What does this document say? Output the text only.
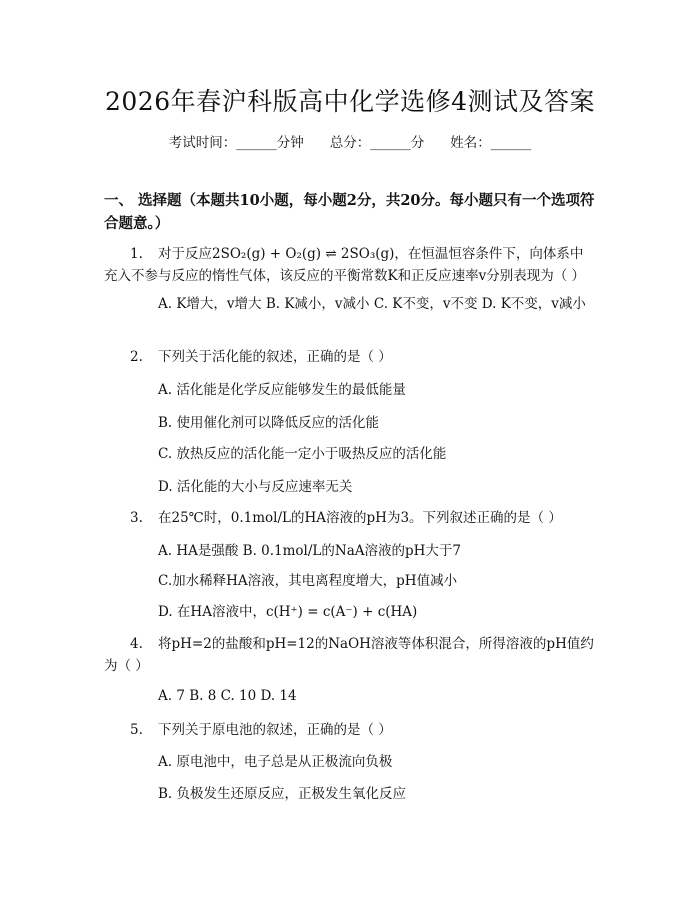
2026年春沪科版高中化学选修4测试及答案
考试时间：______分钟 总分：______分 姓名：______
一、 选择题（本题共10小题，每小题2分，共20分。每小题只有一个选项符合题意。）
1. 对于反应2SO₂(g) + O₂(g) ⇌ 2SO₃(g)，在恒温恒容条件下，向体系中充入不参与反应的惰性气体，该反应的平衡常数K和正反应速率v分别表现为（ ）
A. K增大，v增大 B. K减小，v减小 C. K不变，v不变 D. K不变，v减小
2. 下列关于活化能的叙述，正确的是（ ）
A. 活化能是化学反应能够发生的最低能量
B. 使用催化剂可以降低反应的活化能
C. 放热反应的活化能一定小于吸热反应的活化能
D. 活化能的大小与反应速率无关
3. 在25℃时，0.1mol/L的HA溶液的pH为3。下列叙述正确的是（ ）
A. HA是强酸 B. 0.1mol/L的NaA溶液的pH大于7
C.加水稀释HA溶液，其电离程度增大，pH值减小
D. 在HA溶液中，c(H⁺) = c(A⁻) + c(HA)
4. 将pH=2的盐酸和pH=12的NaOH溶液等体积混合，所得溶液的pH值约为（ ）
A. 7 B. 8 C. 10 D. 14
5. 下列关于原电池的叙述，正确的是（ ）
A. 原电池中，电子总是从正极流向负极
B. 负极发生还原反应，正极发生氧化反应
